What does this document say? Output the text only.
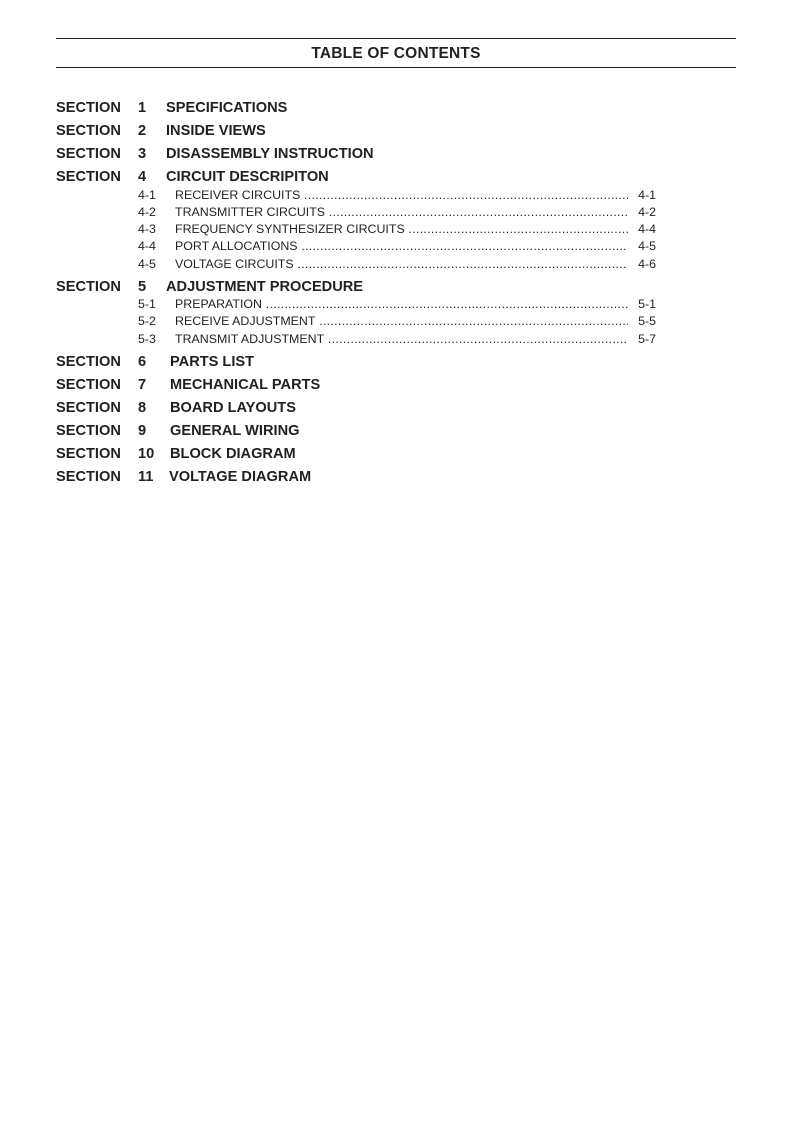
TABLE OF CONTENTS
SECTION 1 SPECIFICATIONS
SECTION 2 INSIDE VIEWS
SECTION 3 DISASSEMBLY INSTRUCTION
SECTION 4 CIRCUIT DESCRIPITON
4-1 RECEIVER CIRCUITS .....	4-1
4-2 TRANSMITTER CIRCUITS .....	4-2
4-3 FREQUENCY SYNTHESIZER CIRCUITS .....	4-4
4-4 PORT ALLOCATIONS .....	4-5
4-5 VOLTAGE CIRCUITS .....	4-6
SECTION 5 ADJUSTMENT PROCEDURE
5-1 PREPARATION .....	5-1
5-2 RECEIVE ADJUSTMENT .....	5-5
5-3 TRANSMIT ADJUSTMENT .....	5-7
SECTION 6 PARTS LIST
SECTION 7 MECHANICAL PARTS
SECTION 8 BOARD LAYOUTS
SECTION 9 GENERAL WIRING
SECTION 10 BLOCK DIAGRAM
SECTION 11 VOLTAGE DIAGRAM
